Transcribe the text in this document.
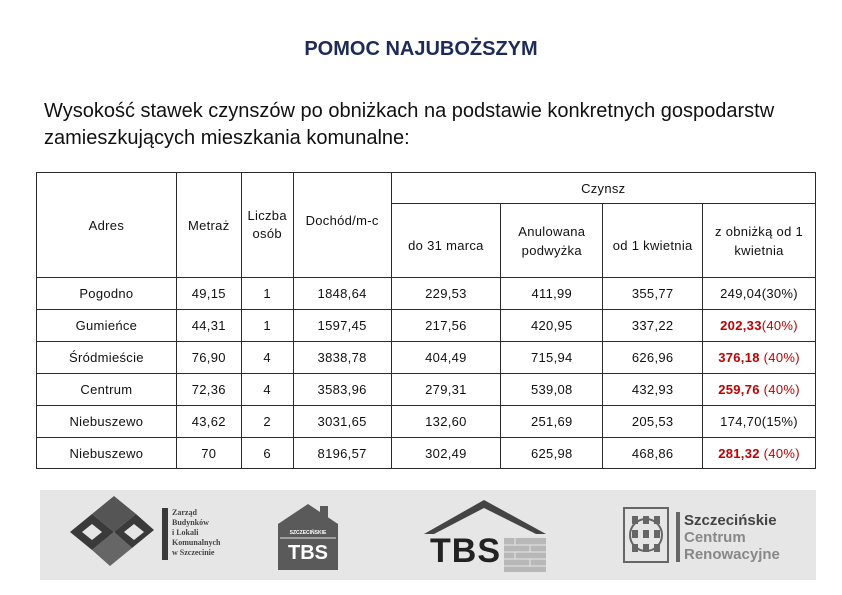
POMOC NAJUBOŻSZYM
Wysokość stawek czynszów po obniżkach na podstawie konkretnych gospodarstw zamieszkujących mieszkania komunalne:
Adres	Metraż	Liczba osób	Dochód/m-c	Czynsz			
				do 31 marca	Anulowana podwyżka	od 1 kwietnia	z obniżką od 1 kwietnia
Pogodno	49,15	1	1848,64	229,53	411,99	355,77	249,04(30%)
Gumieńce	44,31	1	1597,45	217,56	420,95	337,22	202,33(40%)
Śródmieście	76,90	4	3838,78	404,49	715,94	626,96	376,18 (40%)
Centrum	72,36	4	3583,96	279,31	539,08	432,93	259,76 (40%)
Niebuszewo	43,62	2	3031,65	132,60	251,69	205,53	174,70(15%)
Niebuszewo	70	6	8196,57	302,49	625,98	468,86	281,32 (40%)
Zarząd
Budynków
i Lokali
Komunalnych
w Szczecinie
SZCZECIŃSKIE
TBS	TBS
Szczecińskie
Centrum
Renowacyjne
